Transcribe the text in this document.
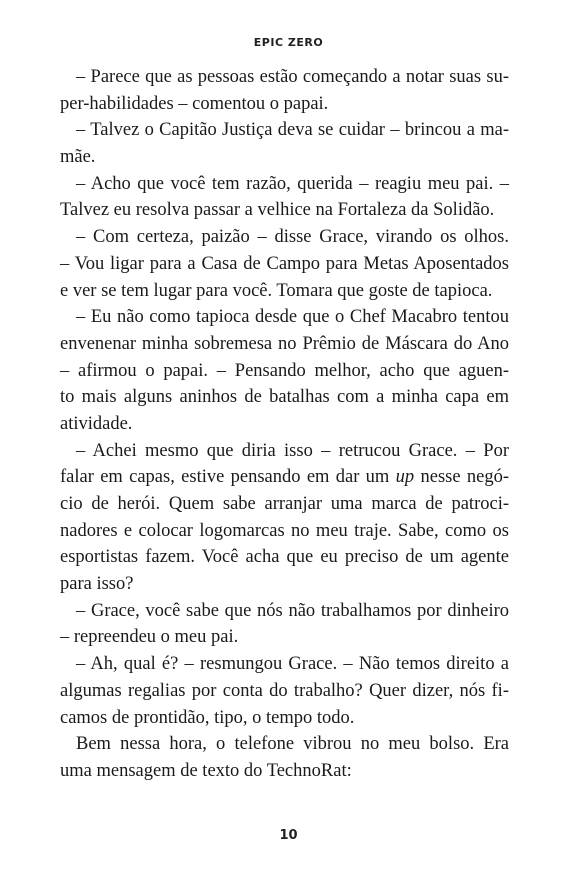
EPIC ZERO
– Parece que as pessoas estão começando a notar suas su-
per-habilidades – comentou o papai.
– Talvez o Capitão Justiça deva se cuidar – brincou a ma-
mãe.
– Acho que você tem razão, querida – reagiu meu pai. –
Talvez eu resolva passar a velhice na Fortaleza da Solidão.
– Com certeza, paizão – disse Grace, virando os olhos.
– Vou ligar para a Casa de Campo para Metas Aposentados
e ver se tem lugar para você. Tomara que goste de tapioca.
– Eu não como tapioca desde que o Chef Macabro tentou
envenenar minha sobremesa no Prêmio de Máscara do Ano
– afirmou o papai. – Pensando melhor, acho que aguen-
to mais alguns aninhos de batalhas com a minha capa em
atividade.
– Achei mesmo que diria isso – retrucou Grace. – Por
falar em capas, estive pensando em dar um up nesse negó-
cio de herói. Quem sabe arranjar uma marca de patroci-
nadores e colocar logomarcas no meu traje. Sabe, como os
esportistas fazem. Você acha que eu preciso de um agente
para isso?
– Grace, você sabe que nós não trabalhamos por dinheiro
– repreendeu o meu pai.
– Ah, qual é? – resmungou Grace. – Não temos direito a
algumas regalias por conta do trabalho? Quer dizer, nós fi-
camos de prontidão, tipo, o tempo todo.
Bem nessa hora, o telefone vibrou no meu bolso. Era
uma mensagem de texto do TechnoRat:
10
